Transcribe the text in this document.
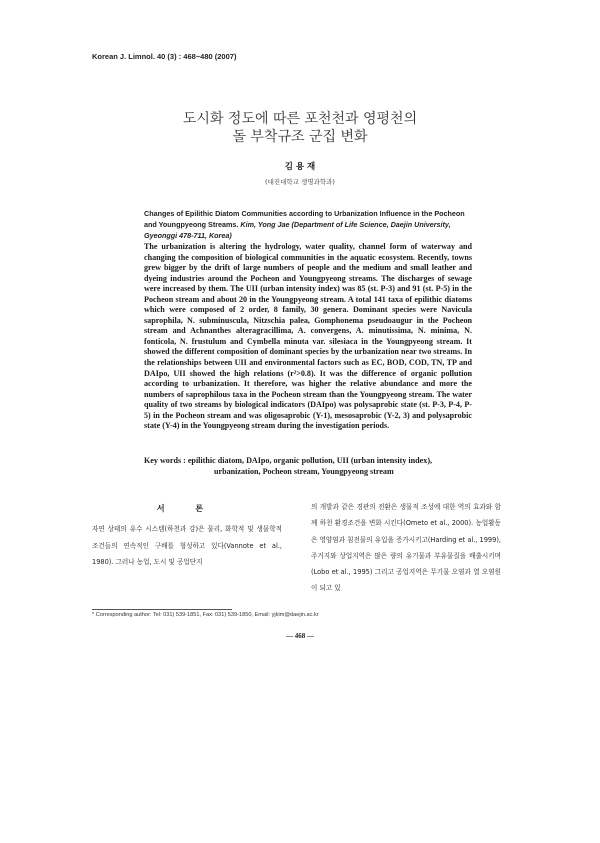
Korean J. Limnol. 40 (3) : 468~480 (2007)
도시화 정도에 따른 포천천과 영평천의
돌 부착규조 군집 변화
김 용 재
(대진대학교 생명과학과)
Changes of Epilithic Diatom Communities according to Urbanization Influence in the Pocheon and Youngpyeong Streams. Kim, Yong Jae (Department of Life Science, Daejin University, Gyeonggi 478-711, Korea)
The urbanization is altering the hydrology, water quality, channel form of waterway and changing the composition of biological communities in the aquatic ecosystem. Recently, towns grew bigger by the drift of large numbers of people and the medium and small leather and dyeing industries around the Pocheon and Youngpyeong streams. The discharges of sewage were increased by them. The UII (urban intensity index) was 85 (st. P-3) and 91 (st. P-5) in the Pocheon stream and about 20 in the Youngpyeong stream. A total 141 taxa of epilithic diatoms which were composed of 2 order, 8 family, 30 genera. Dominant species were Navicula saprophila, N. subminuscula, Nitzschia palea, Gomphonema pseudoaugur in the Pocheon stream and Achnanthes alteragracillima, A. convergens, A. minutissima, N. minima, N. fonticola, N. frustulum and Cymbella minuta var. silesiaca in the Youngpyeong stream. It showed the different composition of dominant species by the urbanization near two streams. In the relationships between UII and environmental factors such as EC, BOD, COD, TN, TP and DAIpo, UII showed the high relations (r²>0.8). It was the difference of organic pollution according to urbanization. It therefore, was higher the relative abundance and more the numbers of saprophilous taxa in the Pocheon stream than the Youngpyeong stream. The water quality of two streams by biological indicators (DAIpo) was polysaprobic state (st. P-3, P-4, P-5) in the Pocheon stream and was oligosaprobic (Y-1), mesosaprobic (Y-2, 3) and polysaprobic state (Y-4) in the Youngpyeong stream during the investigation periods.
Key words : epilithic diatom, DAIpo, organic pollution, UII (urban intensity index),
urbanization, Pocheon stream, Youngpyeong stream
서 론
자연 상태의 유수 시스템(하천과 강)은 물리, 화학적 및 생물학적 조건들의 연속적인 구배를 형성하고 있다(Vannote et al., 1980). 그러나 농업, 도시 및 공업단지
의 개발과 같은 경관의 전환은 생물적 조성에 대한 역의 효과와 함께 하천 환경조건을 변화 시킨다(Ometo et al., 2000). 농업활동은 영양염과 침전물의 유입을 증가시키고(Harding et al., 1999), 주거지와 상업지역은 많은 량의 유기물과 부유물질을 배출시키며(Lobo et al., 1995) 그리고 공업지역은 무기물 오염과 열 오염원이 되고 있
* Corresponding author: Tel: 031) 539-1851, Fax: 031) 539-1850, Email: yjkim@daejin.ac.kr
— 468 —
